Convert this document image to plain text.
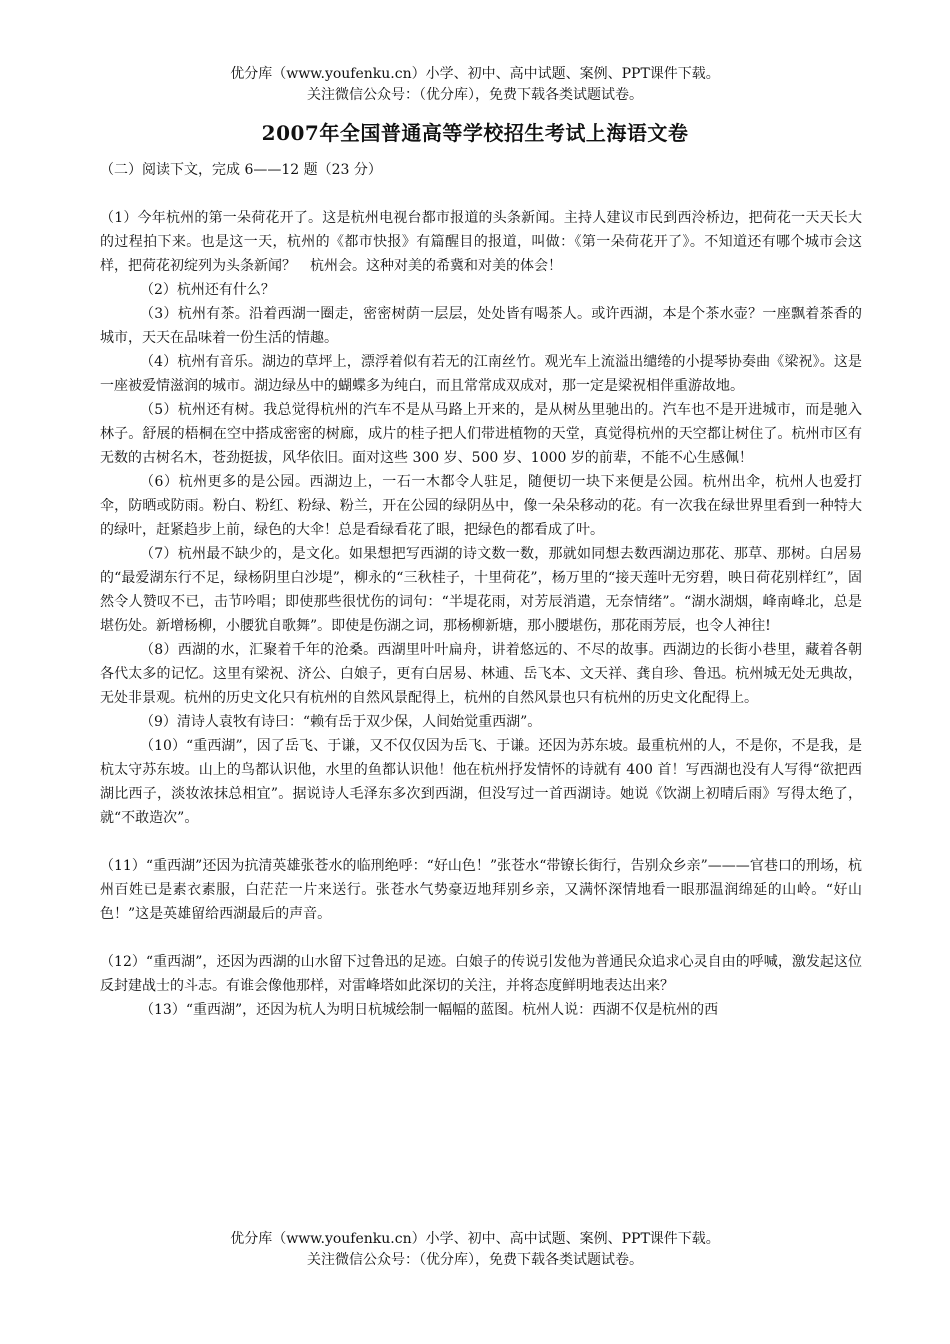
优分库（www.youfenku.cn）小学、初中、高中试题、案例、PPT课件下载。
关注微信公众号：（优分库），免费下载各类试题试卷。
2007年全国普通高等学校招生考试上海语文卷
（二）阅读下文，完成 6——12 题（23 分）

（1）今年杭州的第一朵荷花开了。这是杭州电视台都市报道的头条新闻。主持人建议市民到西泠桥边，把荷花一天天长大的过程拍下来。也是这一天，杭州的《都市快报》有篇醒目的报道，叫做：《第一朵荷花开了》。不知道还有哪个城市会这样，把荷花初绽列为头条新闻？　杭州会。这种对美的希冀和对美的体会！

（2）杭州还有什么？

（3）杭州有茶。沿着西湖一圈走，密密树荫一层层，处处皆有喝茶人。或许西湖，本是个茶水壶？一座飘着茶香的城市，天天在品味着一份生活的情趣。

（4）杭州有音乐。湖边的草坪上，漂浮着似有若无的江南丝竹。观光车上流溢出缱绻的小提琴协奏曲《梁祝》。这是一座被爱情滋润的城市。湖边绿丛中的蝴蝶多为纯白，而且常常成双成对，那一定是梁祝相伴重游故地。

（5）杭州还有树。我总觉得杭州的汽车不是从马路上开来的，是从树丛里驰出的。汽车也不是开进城市，而是驰入林子。舒展的梧桐在空中搭成密密的树廊，成片的桂子把人们带进植物的天堂，真觉得杭州的天空都让树住了。杭州市区有无数的古树名木，苍劲挺拔，风华依旧。面对这些 300 岁、500 岁、1000 岁的前辈，不能不心生感佩！

（6）杭州更多的是公园。西湖边上，一石一木都令人驻足，随便切一块下来便是公园。杭州出伞，杭州人也爱打伞，防晒或防雨。粉白、粉红、粉绿、粉兰，开在公园的绿阴丛中，像一朵朵移动的花。有一次我在绿世界里看到一种特大的绿叶，赶紧趋步上前，绿色的大伞！总是看绿看花了眼，把绿色的都看成了叶。

（7）杭州最不缺少的，是文化。如果想把写西湖的诗文数一数，那就如同想去数西湖边那花、那草、那树。白居易的“最爱湖东行不足，绿杨阴里白沙堤”，柳永的“三秋桂子，十里荷花”，杨万里的“接天莲叶无穷碧，映日荷花别样红”，固然令人赞叹不已，击节吟唱；即使那些很忧伤的词句：“半堤花雨，对芳辰消遣，无奈情绪”。“湖水湖烟，峰南峰北，总是堪伤处。新增杨柳，小腰犹自歌舞”。即使是伤湖之词，那杨柳新塘，那小腰堪伤，那花雨芳辰，也令人神往!

（8）西湖的水，汇聚着千年的沧桑。西湖里叶叶扁舟，讲着悠远的、不尽的故事。西湖边的长街小巷里，藏着各朝各代太多的记忆。这里有梁祝、济公、白娘子，更有白居易、林逋、岳飞本、文天祥、龚自珍、鲁迅。杭州城无处无典故，无处非景观。杭州的历史文化只有杭州的自然风景配得上，杭州的自然风景也只有杭州的历史文化配得上。

（9）清诗人袁牧有诗曰：“赖有岳于双少保，人间始觉重西湖”。

（10）“重西湖”，因了岳飞、于谦，又不仅仅因为岳飞、于谦。还因为苏东坡。最重杭州的人，不是你，不是我，是杭太守苏东坡。山上的鸟都认识他，水里的鱼都认识他！他在杭州抒发情怀的诗就有 400 首！写西湖也没有人写得“欲把西湖比西子，淡妆浓抹总相宜”。据说诗人毛泽东多次到西湖，但没写过一首西湖诗。她说《饮湖上初晴后雨》写得太绝了，就“不敢造次”。

（11）“重西湖”还因为抗清英雄张苍水的临刑绝呼：“好山色！”张苍水“带镣长街行，告别众乡亲”———官巷口的刑场，杭州百姓已是素衣素服，白茫茫一片来送行。张苍水气势豪迈地拜别乡亲，又满怀深情地看一眼那温润绵延的山岭。“好山色！”这是英雄留给西湖最后的声音。

（12）“重西湖”，还因为西湖的山水留下过鲁迅的足迹。白娘子的传说引发他为普通民众追求心灵自由的呼喊，激发起这位反封建战士的斗志。有谁会像他那样，对雷峰塔如此深切的关注，并将态度鲜明地表达出来？

（13）“重西湖”，还因为杭人为明日杭城绘制一幅幅的蓝图。杭州人说：西湖不仅是杭州的西

优分库（www.youfenku.cn）小学、初中、高中试题、案例、PPT课件下载。
关注微信公众号：（优分库），免费下载各类试题试卷。
